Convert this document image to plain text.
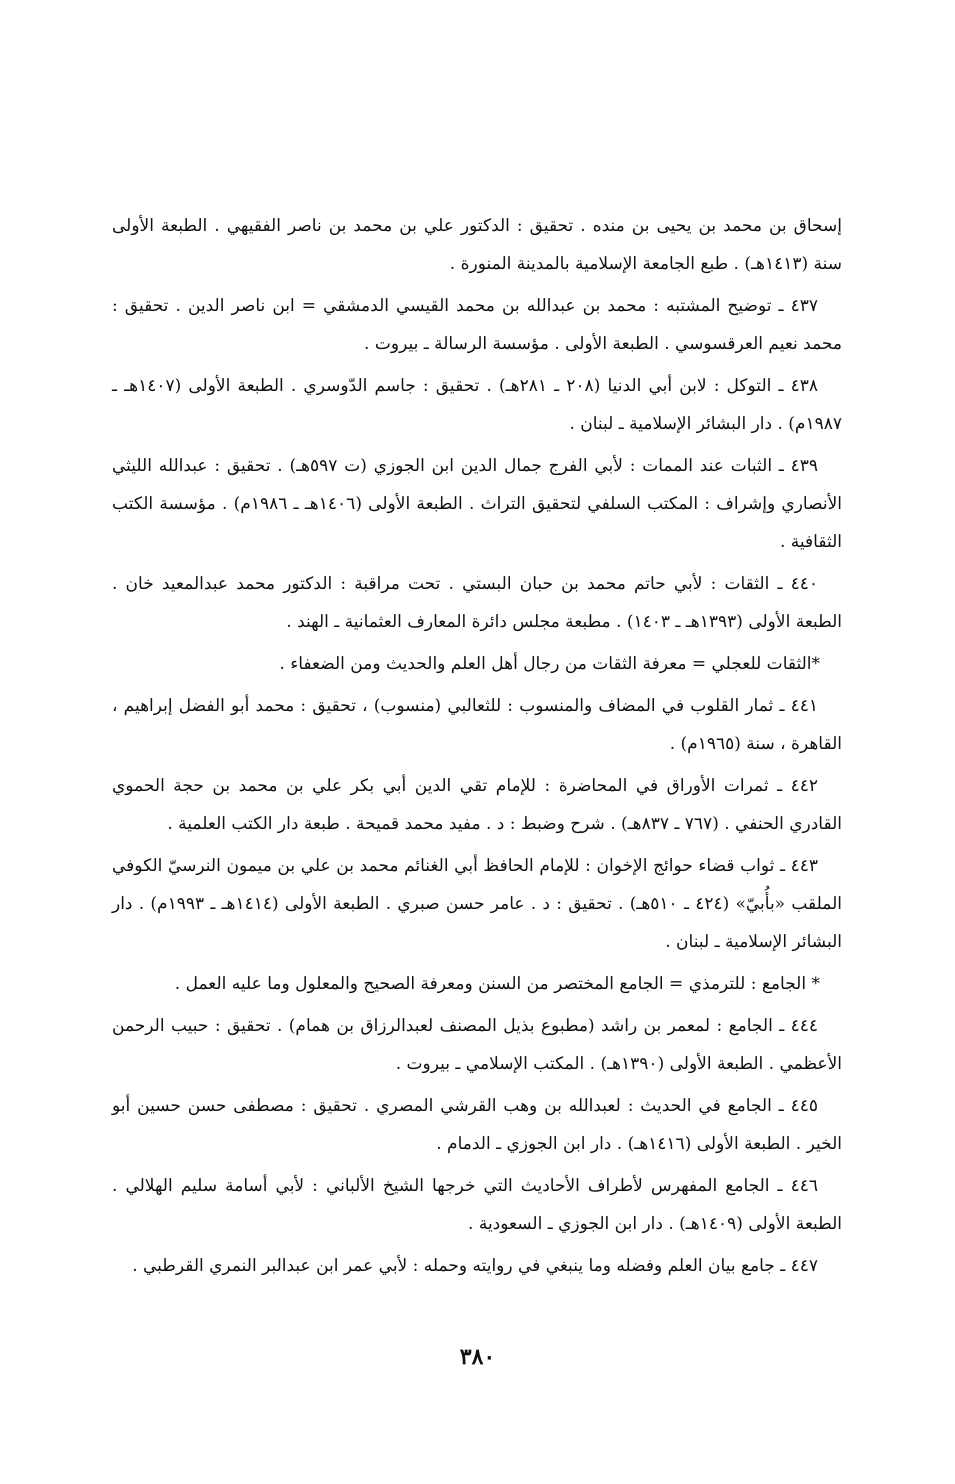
إسحاق بن محمد بن يحيى بن منده . تحقيق : الدكتور علي بن محمد بن ناصر الفقيهي . الطبعة الأولى سنة (١٤١٣هـ) . طبع الجامعة الإسلامية بالمدينة المنورة .

٤٣٧ ـ توضيح المشتبه : محمد بن عبدالله بن محمد القيسي الدمشقي = ابن ناصر الدين . تحقيق : محمد نعيم العرقسوسي . الطبعة الأولى . مؤسسة الرسالة ـ بيروت .

٤٣٨ ـ التوكل : لابن أبي الدنيا (٢٠٨ ـ ٢٨١هـ) . تحقيق : جاسم الدّوسري . الطبعة الأولى (١٤٠٧هـ ـ ١٩٨٧م) . دار البشائر الإسلامية ـ لبنان .

٤٣٩ ـ الثبات عند الممات : لأبي الفرج جمال الدين ابن الجوزي (ت ٥٩٧هـ) . تحقيق : عبدالله الليثي الأنصاري وإشراف : المكتب السلفي لتحقيق التراث . الطبعة الأولى (١٤٠٦هـ ـ ١٩٨٦م) . مؤسسة الكتب الثقافية .

٤٤٠ ـ الثقات : لأبي حاتم محمد بن حبان البستي . تحت مراقبة : الدكتور محمد عبدالمعيد خان . الطبعة الأولى (١٣٩٣هـ ـ ١٤٠٣) . مطبعة مجلس دائرة المعارف العثمانية ـ الهند .

*الثقات للعجلي = معرفة الثقات من رجال أهل العلم والحديث ومن الضعفاء .

٤٤١ ـ ثمار القلوب في المضاف والمنسوب : للثعالبي (منسوب) ، تحقيق : محمد أبو الفضل إبراهيم ، القاهرة ، سنة (١٩٦٥م) .

٤٤٢ ـ ثمرات الأوراق في المحاضرة : للإمام تقي الدين أبي بكر علي بن محمد بن حجة الحموي القادري الحنفي . (٧٦٧ ـ ٨٣٧هـ) . شرح وضبط : د . مفيد محمد قميحة . طبعة دار الكتب العلمية .

٤٤٣ ـ ثواب قضاء حوائج الإخوان : للإمام الحافظ أبي الغنائم محمد بن علي بن ميمون النرسيّ الكوفي الملقب «بأُبيّ» (٤٢٤ ـ ٥١٠هـ) . تحقيق : د . عامر حسن صبري . الطبعة الأولى (١٤١٤هـ ـ ١٩٩٣م) . دار البشائر الإسلامية ـ لبنان .

* الجامع : للترمذي = الجامع المختصر من السنن ومعرفة الصحيح والمعلول وما عليه العمل .

٤٤٤ ـ الجامع : لمعمر بن راشد (مطبوع بذيل المصنف لعبدالرزاق بن همام) . تحقيق : حبيب الرحمن الأعظمي . الطبعة الأولى (١٣٩٠هـ) . المكتب الإسلامي ـ بيروت .

٤٤٥ ـ الجامع في الحديث : لعبدالله بن وهب القرشي المصري . تحقيق : مصطفى حسن حسين أبو الخير . الطبعة الأولى (١٤١٦هـ) . دار ابن الجوزي ـ الدمام .

٤٤٦ ـ الجامع المفهرس لأطراف الأحاديث التي خرجها الشيخ الألباني : لأبي أسامة سليم الهلالي . الطبعة الأولى (١٤٠٩هـ) . دار ابن الجوزي ـ السعودية .

٤٤٧ ـ جامع بيان العلم وفضله وما ينبغي في روايته وحمله : لأبي عمر ابن عبدالبر النمري القرطبي .

٣٨٠
